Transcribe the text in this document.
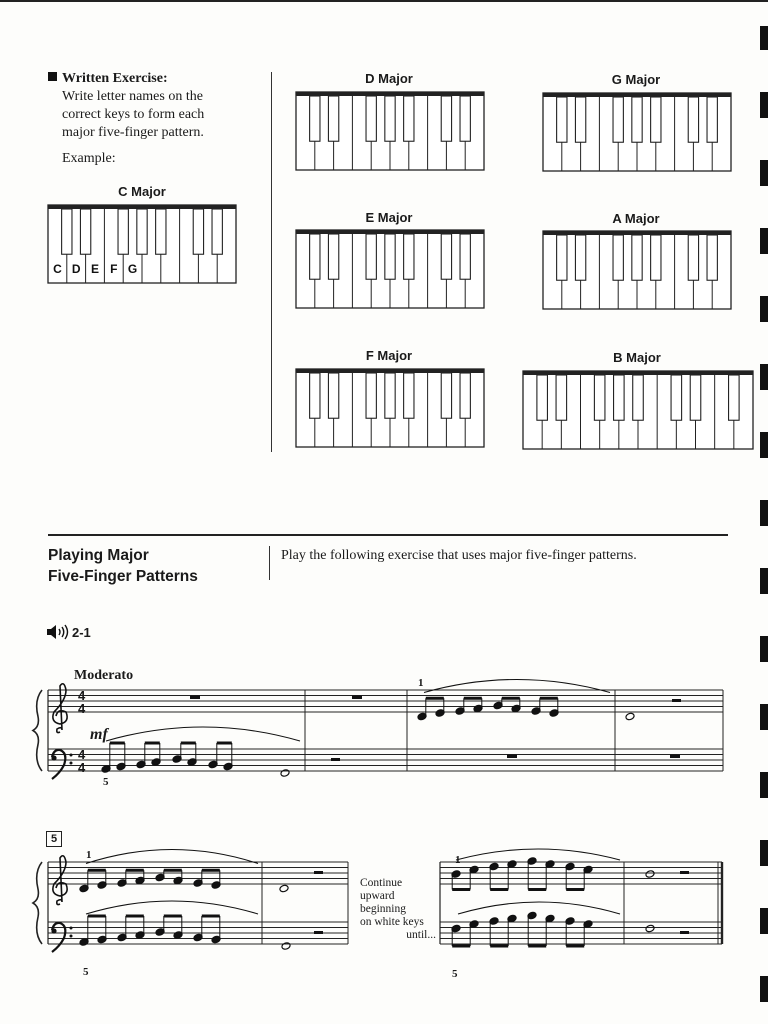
Written Exercise:
Write letter names on the
correct keys to form each
major five-finger pattern.
Example:
C Major
D Major	G Major
E Major	A Major
F Major	B Major
C D E F G
Playing Major
Five-Finger Patterns
Play the following exercise that uses major five-finger patterns.
2-1
Moderato
4
4
4
4
mf
1
5
5
1
5
1
5
Continue
upward
beginning
on white keys
until...
